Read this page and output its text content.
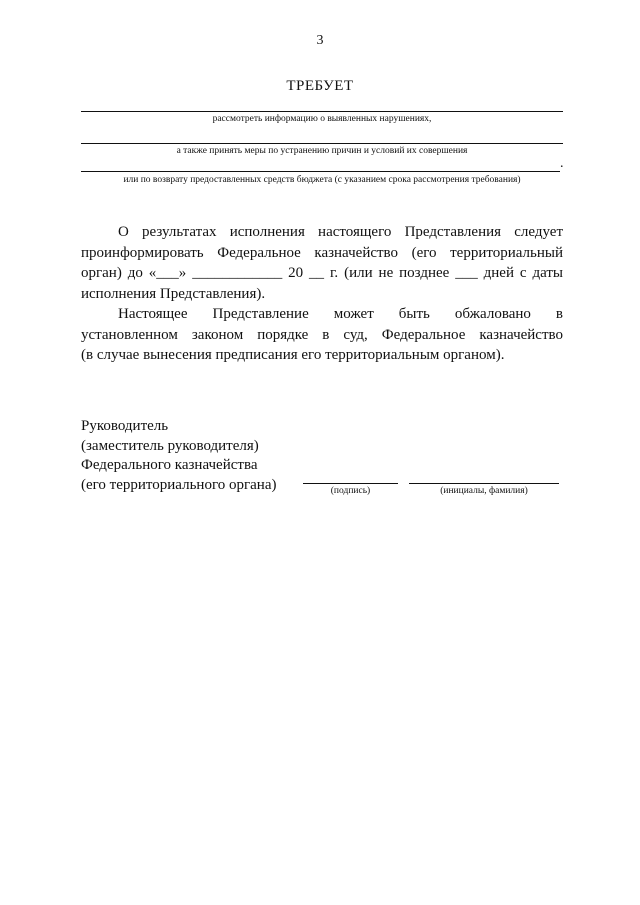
3
ТРЕБУЕТ
рассмотреть информацию о выявленных нарушениях,
а также принять меры по устранению причин и условий их совершения
.
или по возврату предоставленных средств бюджета (с указанием срока рассмотрения требования)
О результатах исполнения настоящего Представления следует
проинформировать Федеральное казначейство (его территориальный
орган) до «___» ____________ 20 __ г. (или не позднее ___ дней с даты
исполнения Представления).
Настоящее Представление может быть обжаловано в
установленном законом порядке в суд, Федеральное казначейство
(в случае вынесения предписания его территориальным органом).
Руководитель
(заместитель руководителя)
Федерального казначейства
(его территориального органа)	(подпись)	(инициалы, фамилия)
